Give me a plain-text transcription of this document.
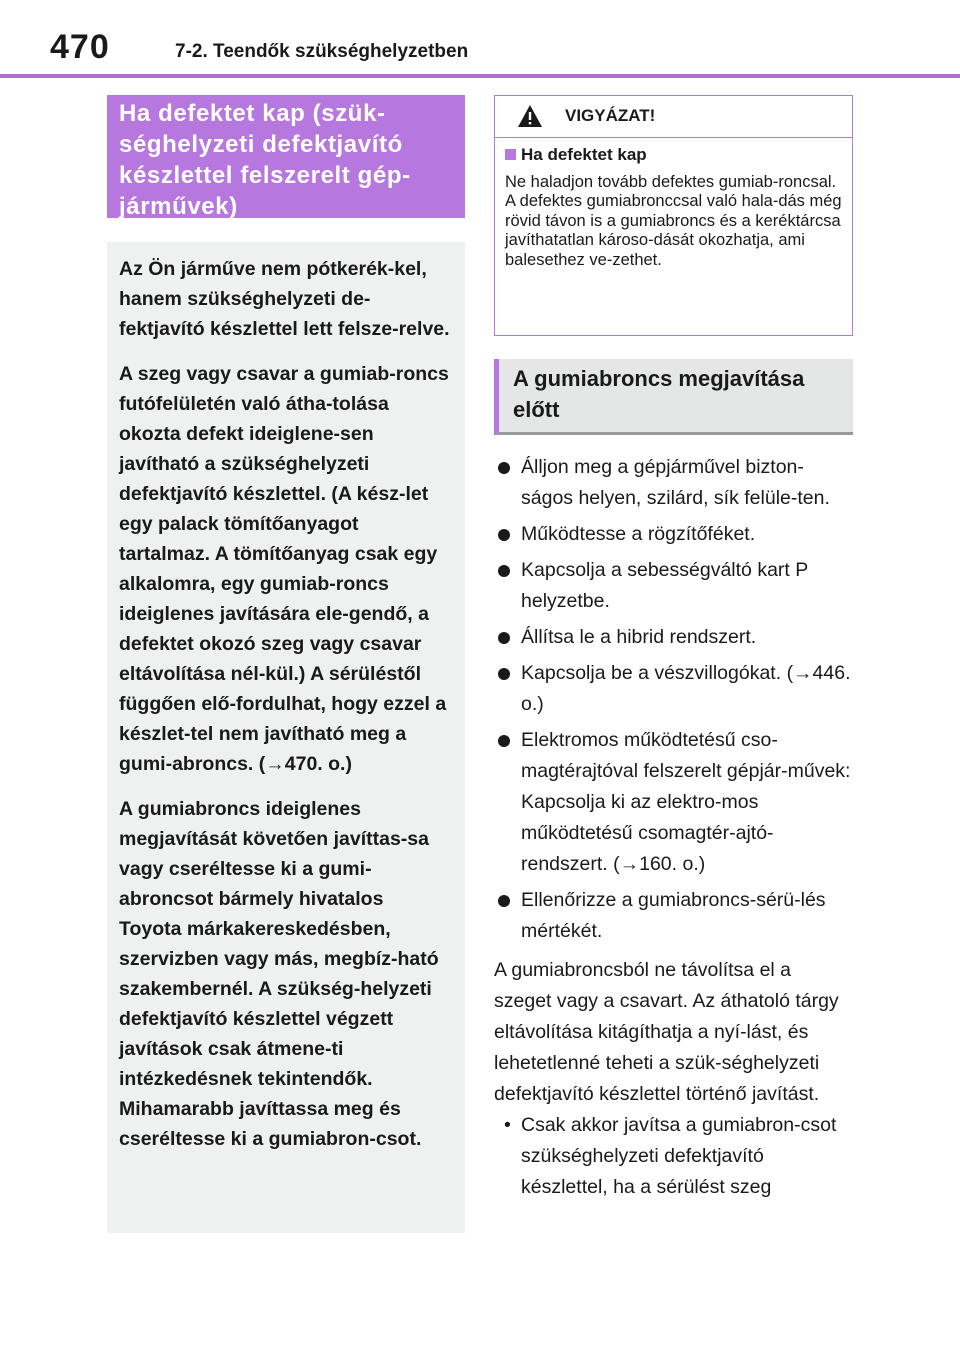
470	7-2. Teendők szükséghelyzetben
Ha defektet kap (szük-séghelyzeti defektjavító készlettel felszerelt gép-járművek)

Az Ön járműve nem pótkerék-kel, hanem szükséghelyzeti de-fektjavító készlettel lett felsze-relve.

A szeg vagy csavar a gumiab-roncs futófelületén való átha-tolása okozta defekt ideiglene-sen javítható a szükséghelyzeti defektjavító készlettel. (A kész-let egy palack tömítőanyagot tartalmaz. A tömítőanyag csak egy alkalomra, egy gumiab-roncs ideiglenes javítására ele-gendő, a defektet okozó szeg vagy csavar eltávolítása nél-kül.) A sérüléstől függően elő-fordulhat, hogy ezzel a készlet-tel nem javítható meg a gumi-abroncs. (→470. o.)

A gumiabroncs ideiglenes megjavítását követően javíttas-sa vagy cseréltesse ki a gumi-abroncsot bármely hivatalos Toyota márkakereskedésben, szervizben vagy más, megbíz-ható szakembernél. A szükség-helyzeti defektjavító készlettel végzett javítások csak átmene-ti intézkedésnek tekintendők. Mihamarabb javíttassa meg és cseréltesse ki a gumiabron-csot.

VIGYÁZAT!
Ha defektet kap

Ne haladjon tovább defektes gumiab-roncsal. A defektes gumiabronccsal való hala-dás még rövid távon is a gumiabroncs és a keréktárcsa javíthatatlan károso-dását okozhatja, ami balesethez ve-zethet.

A gumiabroncs megjavítása előtt
Álljon meg a gépjárművel bizton-ságos helyen, szilárd, sík felüle-ten.
Működtesse a rögzítőféket.
Kapcsolja a sebességváltó kart P helyzetbe.
Állítsa le a hibrid rendszert.
Kapcsolja be a vészvillogókat. (→446. o.)
Elektromos működtetésű cso-magtérajtóval felszerelt gépjár-művek: Kapcsolja ki az elektro-mos működtetésű csomagtér-ajtó-rendszert. (→160. o.)
Ellenőrizze a gumiabroncs-sérü-lés mértékét.

A gumiabroncsból ne távolítsa el a szeget vagy a csavart. Az áthatoló tárgy eltávolítása kitágíthatja a nyí-lást, és lehetetlenné teheti a szük-séghelyzeti defektjavító készlettel történő javítást.

• Csak akkor javítsa a gumiabron-csot szükséghelyzeti defektjavító készlettel, ha a sérülést szeg
